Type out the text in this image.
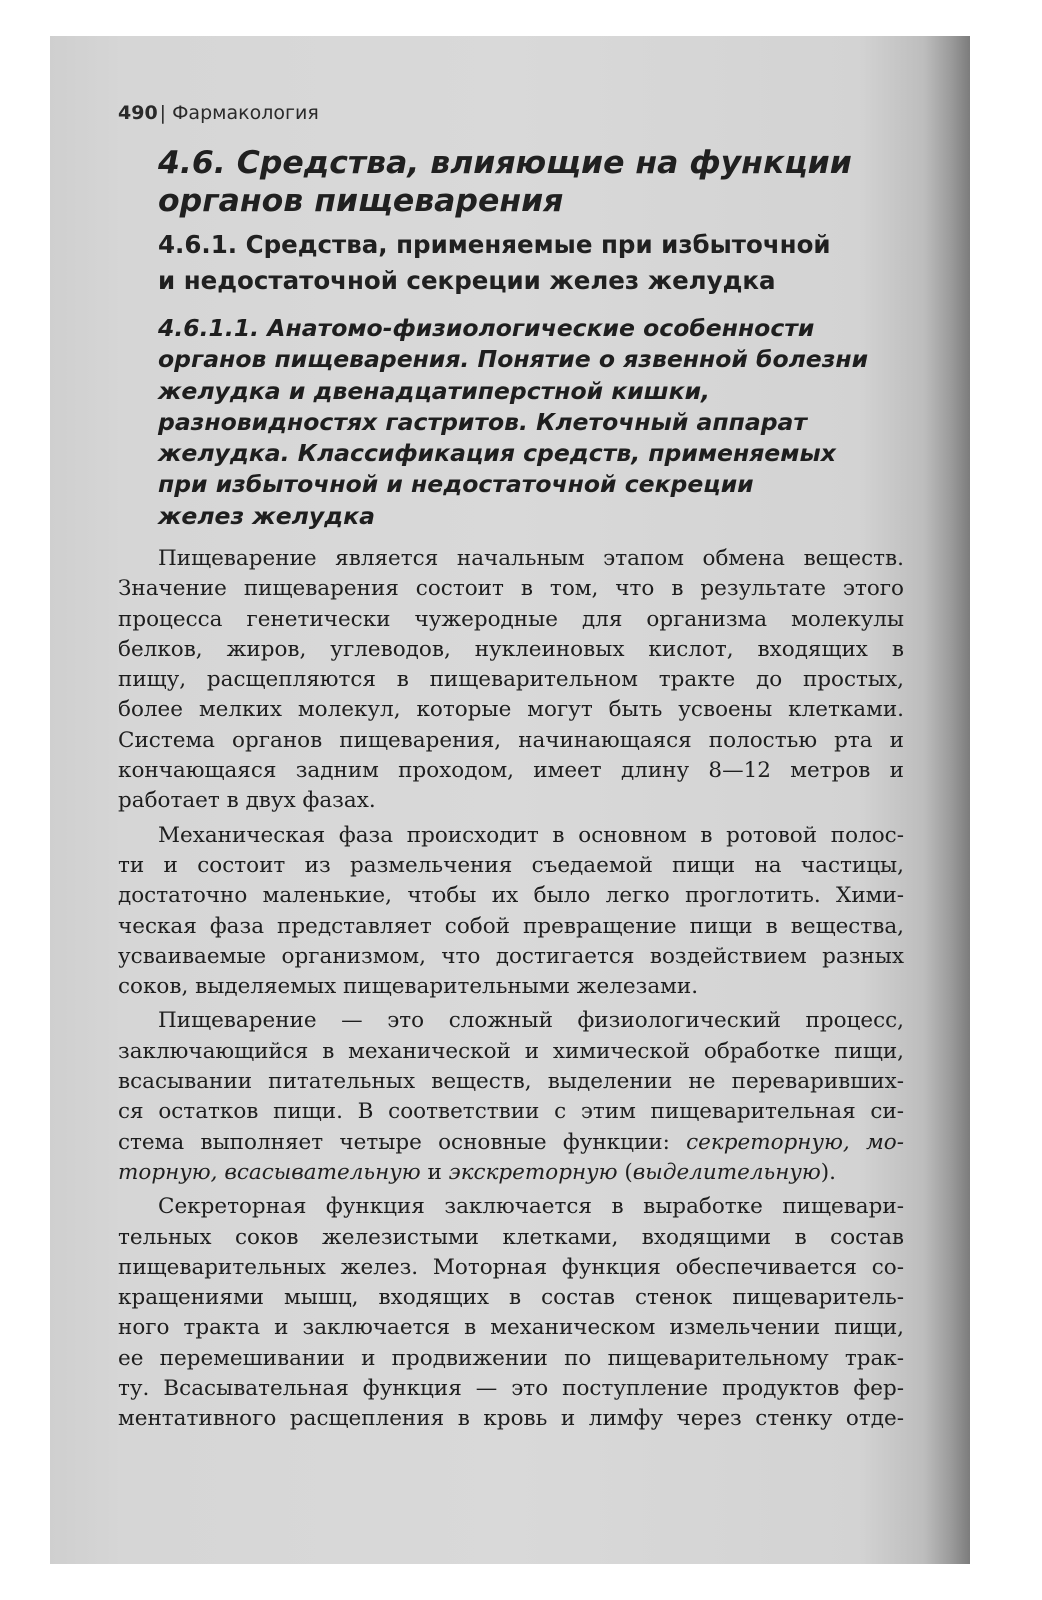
490 | Фармакология
4.6. Средства, влияющие на функции
органов пищеварения
4.6.1. Средства, применяемые при избыточной
и недостаточной секреции желез желудка
4.6.1.1. Анатомо-физиологические особенности
органов пищеварения. Понятие о язвенной болезни
желудка и двенадцатиперстной кишки,
разновидностях гастритов. Клеточный аппарат
желудка. Классификация средств, применяемых
при избыточной и недостаточной секреции
желез желудка
Пищеварение является начальным этапом обмена веществ.
Значение пищеварения состоит в том, что в результате этого
процесса генетически чужеродные для организма молекулы
белков, жиров, углеводов, нуклеиновых кислот, входящих в
пищу, расщепляются в пищеварительном тракте до простых,
более мелких молекул, которые могут быть усвоены клетками.
Система органов пищеварения, начинающаяся полостью рта и
кончающаяся задним проходом, имеет длину 8—12 метров и
работает в двух фазах.
Механическая фаза происходит в основном в ротовой полос-
ти и состоит из размельчения съедаемой пищи на частицы,
достаточно маленькие, чтобы их было легко проглотить. Хими-
ческая фаза представляет собой превращение пищи в вещества,
усваиваемые организмом, что достигается воздействием разных
соков, выделяемых пищеварительными железами.
Пищеварение — это сложный физиологический процесс,
заключающийся в механической и химической обработке пищи,
всасывании питательных веществ, выделении не переваривших-
ся остатков пищи. В соответствии с этим пищеварительная си-
стема выполняет четыре основные функции: секреторную, мо-
торную, всасывательную и экскреторную (выделительную).
Секреторная функция заключается в выработке пищевари-
тельных соков железистыми клетками, входящими в состав
пищеварительных желез. Моторная функция обеспечивается со-
кращениями мышц, входящих в состав стенок пищеваритель-
ного тракта и заключается в механическом измельчении пищи,
ее перемешивании и продвижении по пищеварительному трак-
ту. Всасывательная функция — это поступление продуктов фер-
ментативного расщепления в кровь и лимфу через стенку отде-
